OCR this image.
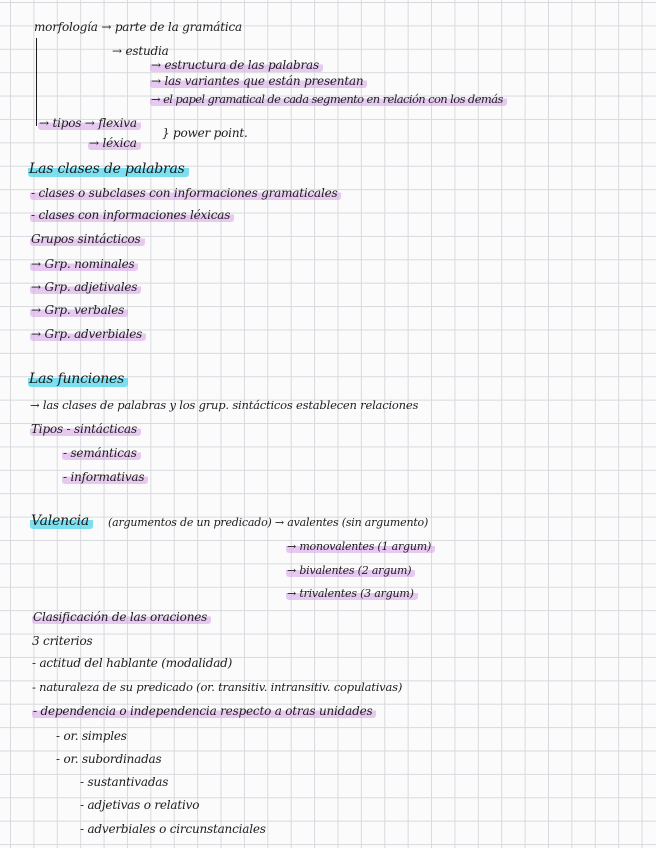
morfología → parte de la gramática
→ estudia
→ estructura de las palabras
→ las variantes que están presentan
→ el papel gramatical de cada segmento en relación con los demás
→ tipos → flexiva
→ léxica
} power point.
Las clases de palabras
- clases o subclases con informaciones gramaticales
- clases con informaciones léxicas
Grupos sintácticos
→ Grp. nominales
→ Grp. adjetivales
→ Grp. verbales
→ Grp. adverbiales
Las funciones
→ las clases de palabras y los grup. sintácticos establecen relaciones
Tipos - sintácticas
- semánticas
- informativas
Valencia	(argumentos de un predicado) → avalentes (sin argumento)
→ monovalentes (1 argum)
→ bivalentes (2 argum)
→ trivalentes (3 argum)
Clasificación de las oraciones
3 criterios
- actitud del hablante (modalidad)
- naturaleza de su predicado (or. transitiv. intransitiv. copulativas)
- dependencia o independencia respecto a otras unidades
- or. simples
- or. subordinadas
- sustantivadas
- adjetivas o relativo
- adverbiales o circunstanciales
